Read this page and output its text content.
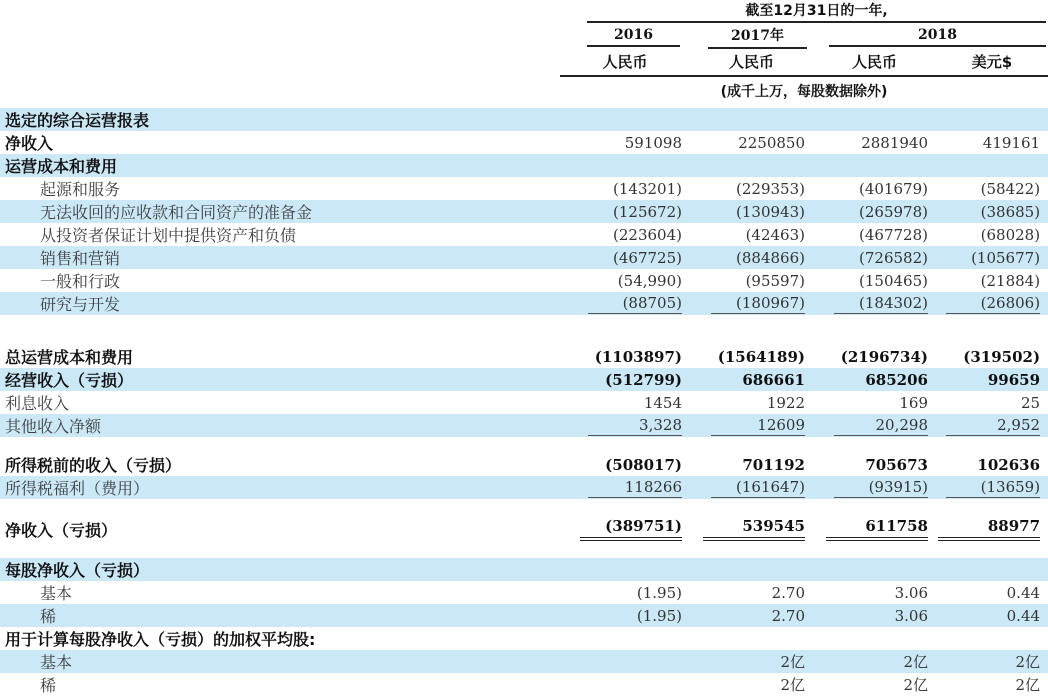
	截至12月31日的一年,			

	2016	2017年	2018	

	人民币	人民币	人民币	美元$
	(成千上万，每股数据除外)			
选定的综合运营报表				
净收入	591098	2250850	2881940	419161
运营成本和费用				
起源和服务	(143201)	(229353)	(401679)	(58422)
无法收回的应收款和合同资产的准备金	(125672)	(130943)	(265978)	(38685)
从投资者保证计划中提供资产和负债	(223604)	(42463)	(467728)	(68028)
销售和营销	(467725)	(884866)	(726582)	(105677)
一般和行政	(54,990)	(95597)	(150465)	(21884)
研究与开发	(88705)	(180967)	(184302)	(26806)

总运营成本和费用	(1103897)	(1564189)	(2196734)	(319502)
经营收入（亏损）	(512799)	686661	685206	99659
利息收入	1454	1922	169	25
其他收入净额	3,328	12609	20,298	2,952

所得税前的收入（亏损）	(508017)	701192	705673	102636
所得税福利（费用）	118266	(161647)	(93915)	(13659)

净收入（亏损）	(389751)	539545	611758	88977

每股净收入（亏损）				
基本	(1.95)	2.70	3.06	0.44
稀	(1.95)	2.70	3.06	0.44
用于计算每股净收入（亏损）的加权平均股:				
基本		2亿	2亿	2亿
稀		2亿	2亿	2亿
